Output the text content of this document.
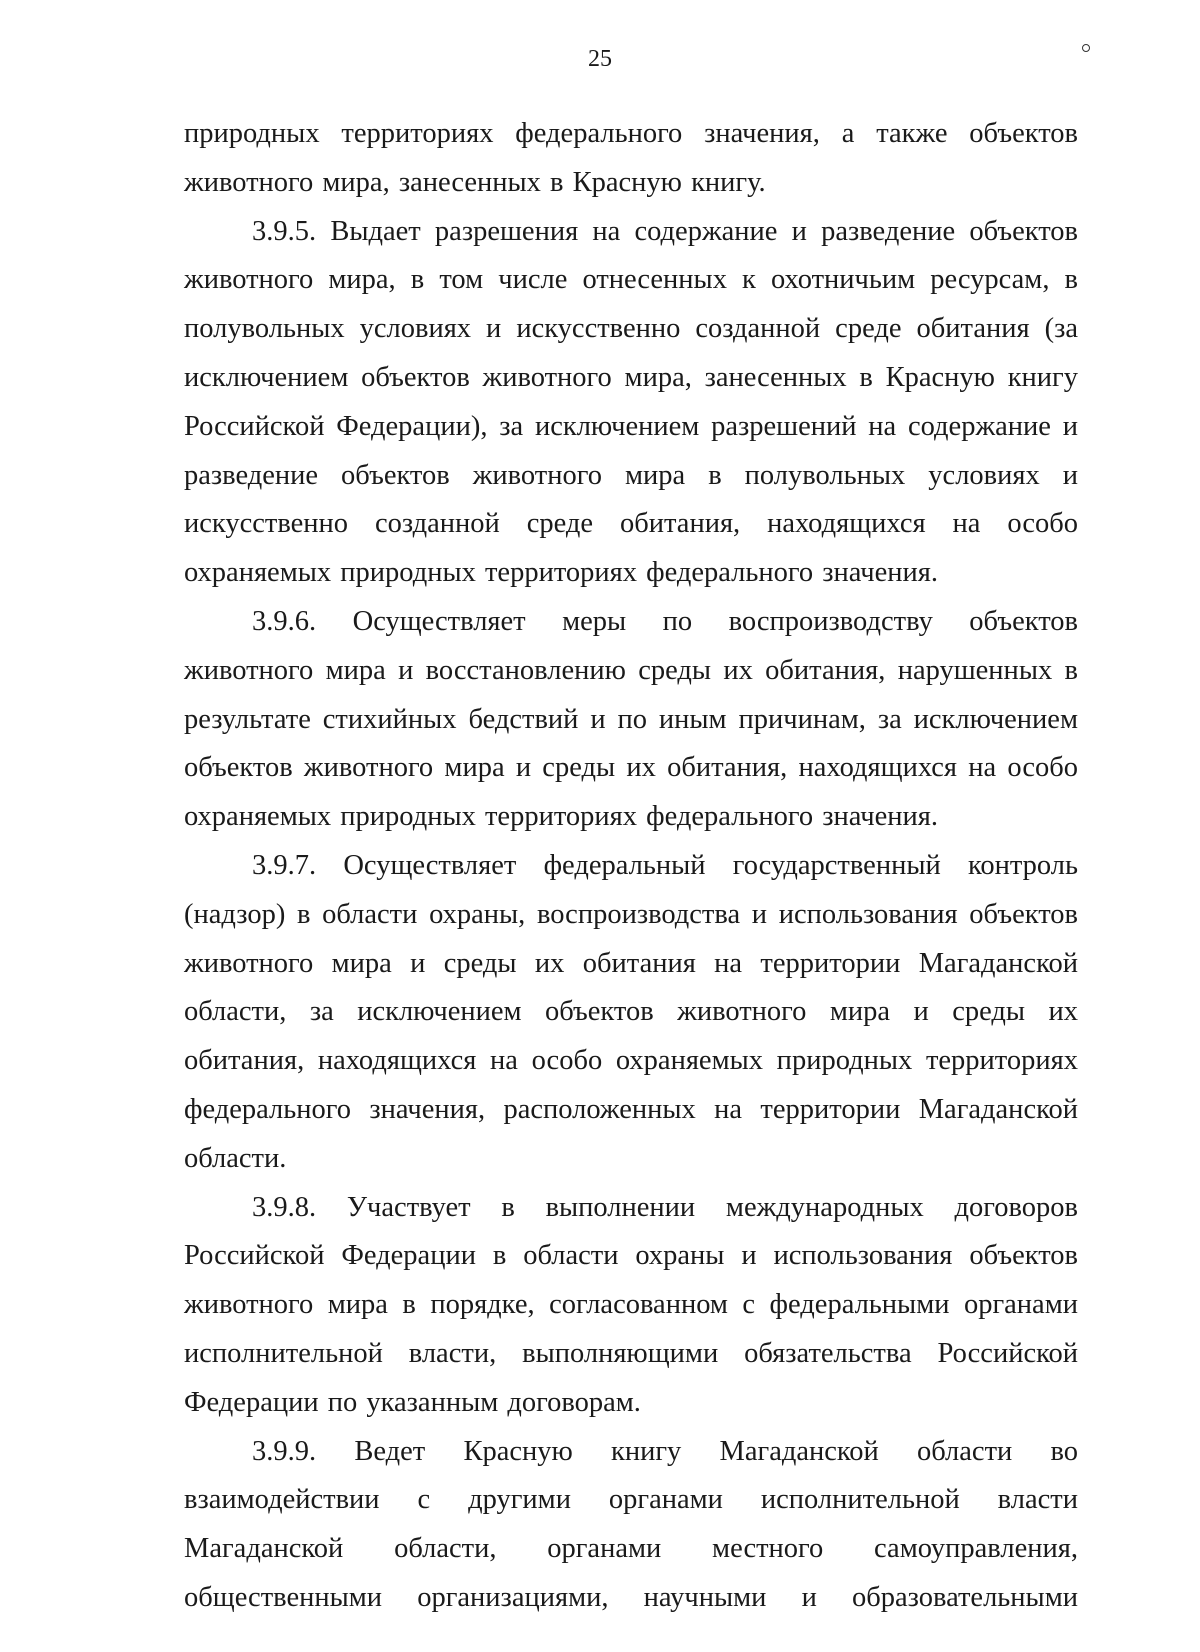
25

природных территориях федерального значения, а также объектов животного мира, занесенных в Красную книгу.

3.9.5. Выдает разрешения на содержание и разведение объектов животного мира, в том числе отнесенных к охотничьим ресурсам, в полувольных условиях и искусственно созданной среде обитания (за исключением объектов животного мира, занесенных в Красную книгу Российской Федерации), за исключением разрешений на содержание и разведение объектов животного мира в полувольных условиях и искусственно созданной среде обитания, находящихся на особо охраняемых природных территориях федерального значения.

3.9.6. Осуществляет меры по воспроизводству объектов животного мира и восстановлению среды их обитания, нарушенных в результате стихийных бедствий и по иным причинам, за исключением объектов животного мира и среды их обитания, находящихся на особо охраняемых природных территориях федерального значения.

3.9.7. Осуществляет федеральный государственный контроль (надзор) в области охраны, воспроизводства и использования объектов животного мира и среды их обитания на территории Магаданской области, за исключением объектов животного мира и среды их обитания, находящихся на особо охраняемых природных территориях федерального значения, расположенных на территории Магаданской области.

3.9.8. Участвует в выполнении международных договоров Российской Федерации в области охраны и использования объектов животного мира в порядке, согласованном с федеральными органами исполнительной власти, выполняющими обязательства Российской Федерации по указанным договорам.

3.9.9. Ведет Красную книгу Магаданской области во взаимодействии с другими органами исполнительной власти Магаданской области, органами местного самоуправления, общественными организациями, научными и образовательными
